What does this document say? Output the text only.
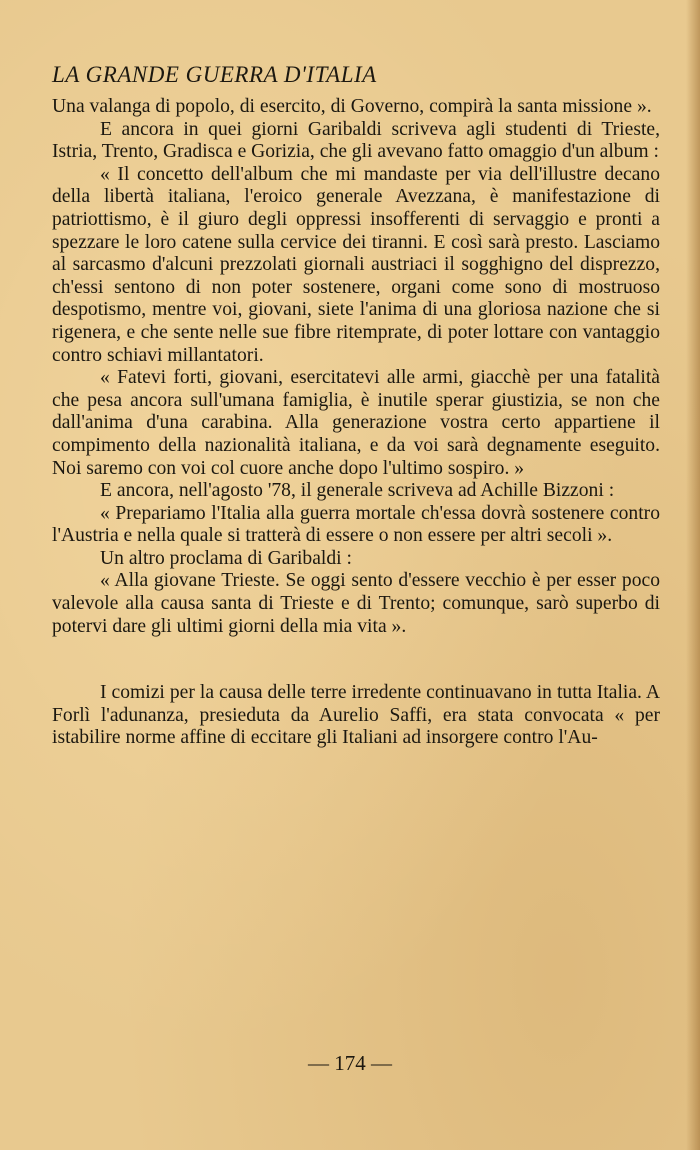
LA GRANDE GUERRA D'ITALIA

Una valanga di popolo, di esercito, di Governo, compirà la santa missione ».

E ancora in quei giorni Garibaldi scriveva agli studenti di Trieste, Istria, Trento, Gradisca e Gorizia, che gli avevano fatto omaggio d'un album :

« Il concetto dell'album che mi mandaste per via dell'illustre decano della libertà italiana, l'eroico generale Avezzana, è manifestazione di patriottismo, è il giuro degli oppressi insofferenti di servaggio e pronti a spezzare le loro catene sulla cervice dei tiranni. E così sarà presto. Lasciamo al sarcasmo d'alcuni prezzolati giornali austriaci il sogghigno del disprezzo, ch'essi sentono di non poter sostenere, organi come sono di mostruoso despotismo, mentre voi, giovani, siete l'anima di una gloriosa nazione che si rigenera, e che sente nelle sue fibre ritemprate, di poter lottare con vantaggio contro schiavi millantatori.

« Fatevi forti, giovani, esercitatevi alle armi, giacchè per una fatalità che pesa ancora sull'umana famiglia, è inutile sperar giustizia, se non che dall'anima d'una carabina. Alla generazione vostra certo appartiene il compimento della nazionalità italiana, e da voi sarà degnamente eseguito. Noi saremo con voi col cuore anche dopo l'ultimo sospiro. »

E ancora, nell'agosto '78, il generale scriveva ad Achille Bizzoni :

« Prepariamo l'Italia alla guerra mortale ch'essa dovrà sostenere contro l'Austria e nella quale si tratterà di essere o non essere per altri secoli ».

Un altro proclama di Garibaldi :

« Alla giovane Trieste. Se oggi sento d'essere vecchio è per esser poco valevole alla causa santa di Trieste e di Trento; comunque, sarò superbo di potervi dare gli ultimi giorni della mia vita ».

I comizi per la causa delle terre irredente continuavano in tutta Italia. A Forlì l'adunanza, presieduta da Aurelio Saffi, era stata convocata « per istabilire norme affine di eccitare gli Italiani ad insorgere contro l'Au-

— 174 —
